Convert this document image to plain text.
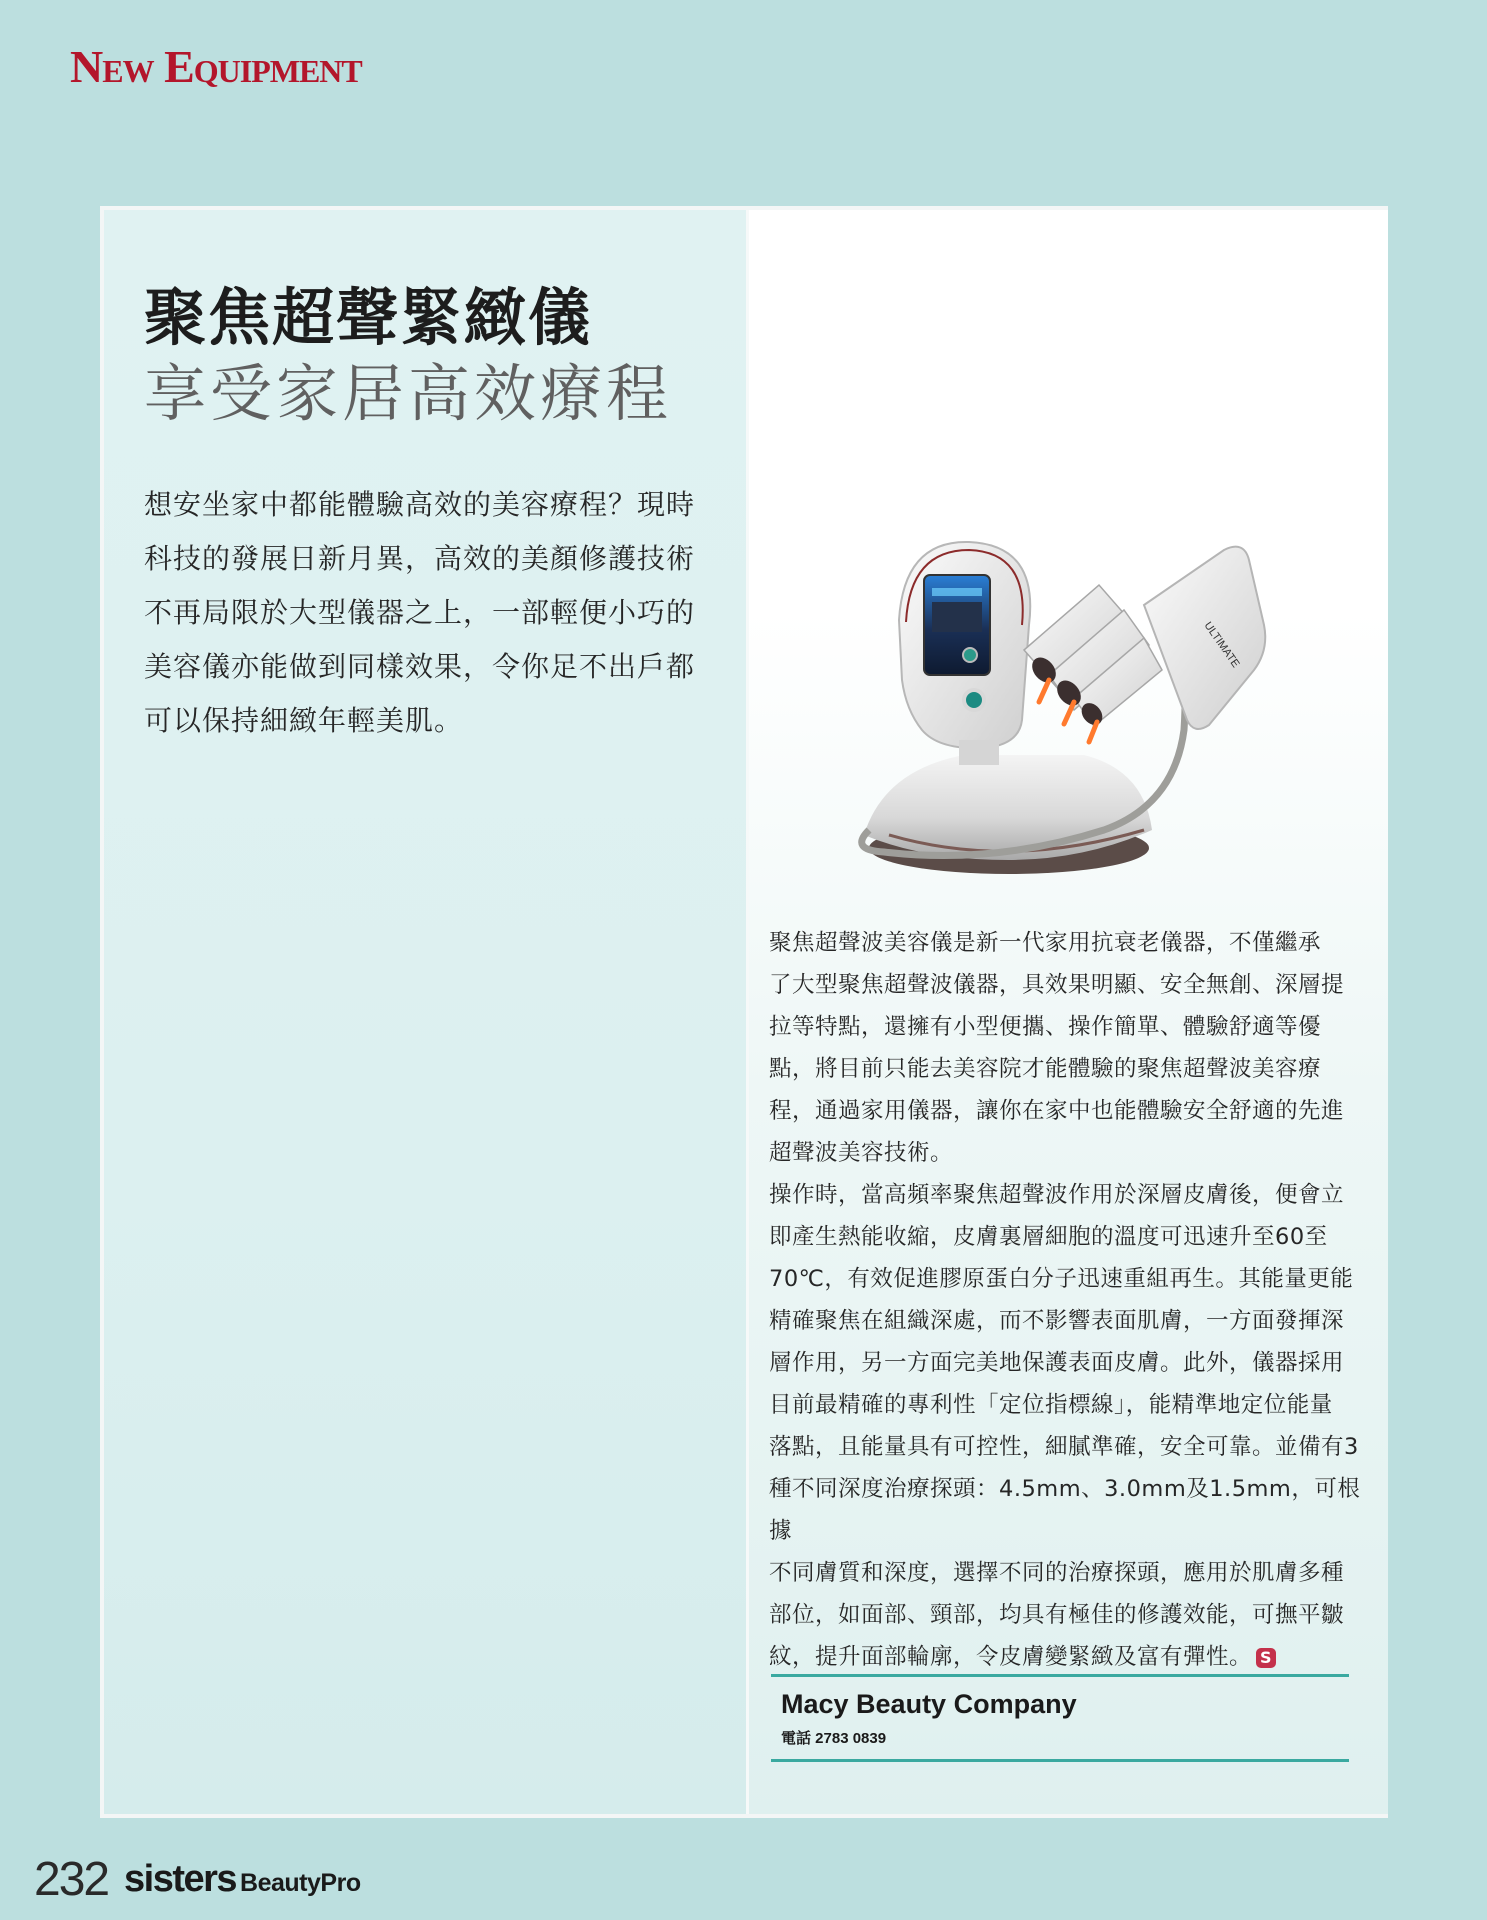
New Equipment
聚焦超聲緊緻儀
享受家居高效療程
想安坐家中都能體驗高效的美容療程？現時
科技的發展日新月異，高效的美顏修護技術
不再局限於大型儀器之上，一部輕便小巧的
美容儀亦能做到同樣效果，令你足不出戶都
可以保持細緻年輕美肌。
ULTIMATE

聚焦超聲波美容儀是新一代家用抗衰老儀器，不僅繼承
了大型聚焦超聲波儀器，具效果明顯、安全無創、深層提
拉等特點，還擁有小型便攜、操作簡單、體驗舒適等優
點，將目前只能去美容院才能體驗的聚焦超聲波美容療
程，通過家用儀器，讓你在家中也能體驗安全舒適的先進
超聲波美容技術。

操作時，當高頻率聚焦超聲波作用於深層皮膚後，便會立
即產生熱能收縮，皮膚裏層細胞的溫度可迅速升至60至
70℃，有效促進膠原蛋白分子迅速重組再生。其能量更能
精確聚焦在組織深處，而不影響表面肌膚，一方面發揮深
層作用，另一方面完美地保護表面皮膚。此外，儀器採用
目前最精確的專利性「定位指標線」，能精準地定位能量
落點，且能量具有可控性，細膩準確，安全可靠。並備有3
種不同深度治療探頭：4.5mm、3.0mm及1.5mm，可根據
不同膚質和深度，選擇不同的治療探頭，應用於肌膚多種
部位，如面部、頸部，均具有極佳的修護效能，可撫平皺
紋，提升面部輪廓，令皮膚變緊緻及富有彈性。 S

Macy Beauty Company
電話 2783 0839
232 sisters BeautyPro
